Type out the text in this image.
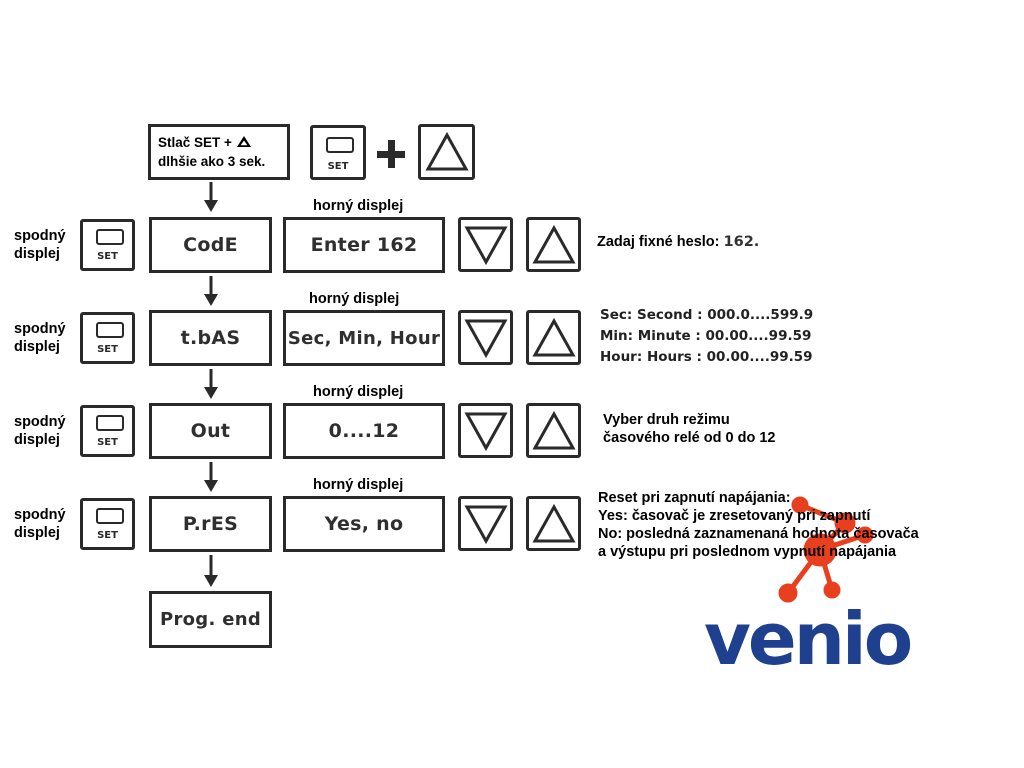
Stlač SET +
dlhšie ako 3 sek.	SET
spodný
displej	SET
CodE
horný displej
Enter 162	Zadaj fixné heslo: 162.
spodný
displej	SET
t.bAS
horný displej
Sec, Min, Hour
Sec: Second : 000.0....599.9
Min: Minute : 00.00....99.59
Hour: Hours : 00.00....99.59
spodný
displej	SET
Out
horný displej
0....12	Vyber druh režimu
časového relé od 0 do 12
spodný
displej	SET
P.rES
horný displej
Yes, no
Reset pri zapnutí napájania:
Yes: časovač je zresetovaný pri zapnutí
No: posledná zaznamenaná hodnota časovača
a výstupu pri poslednom vypnutí napájania
venio
Prog. end
